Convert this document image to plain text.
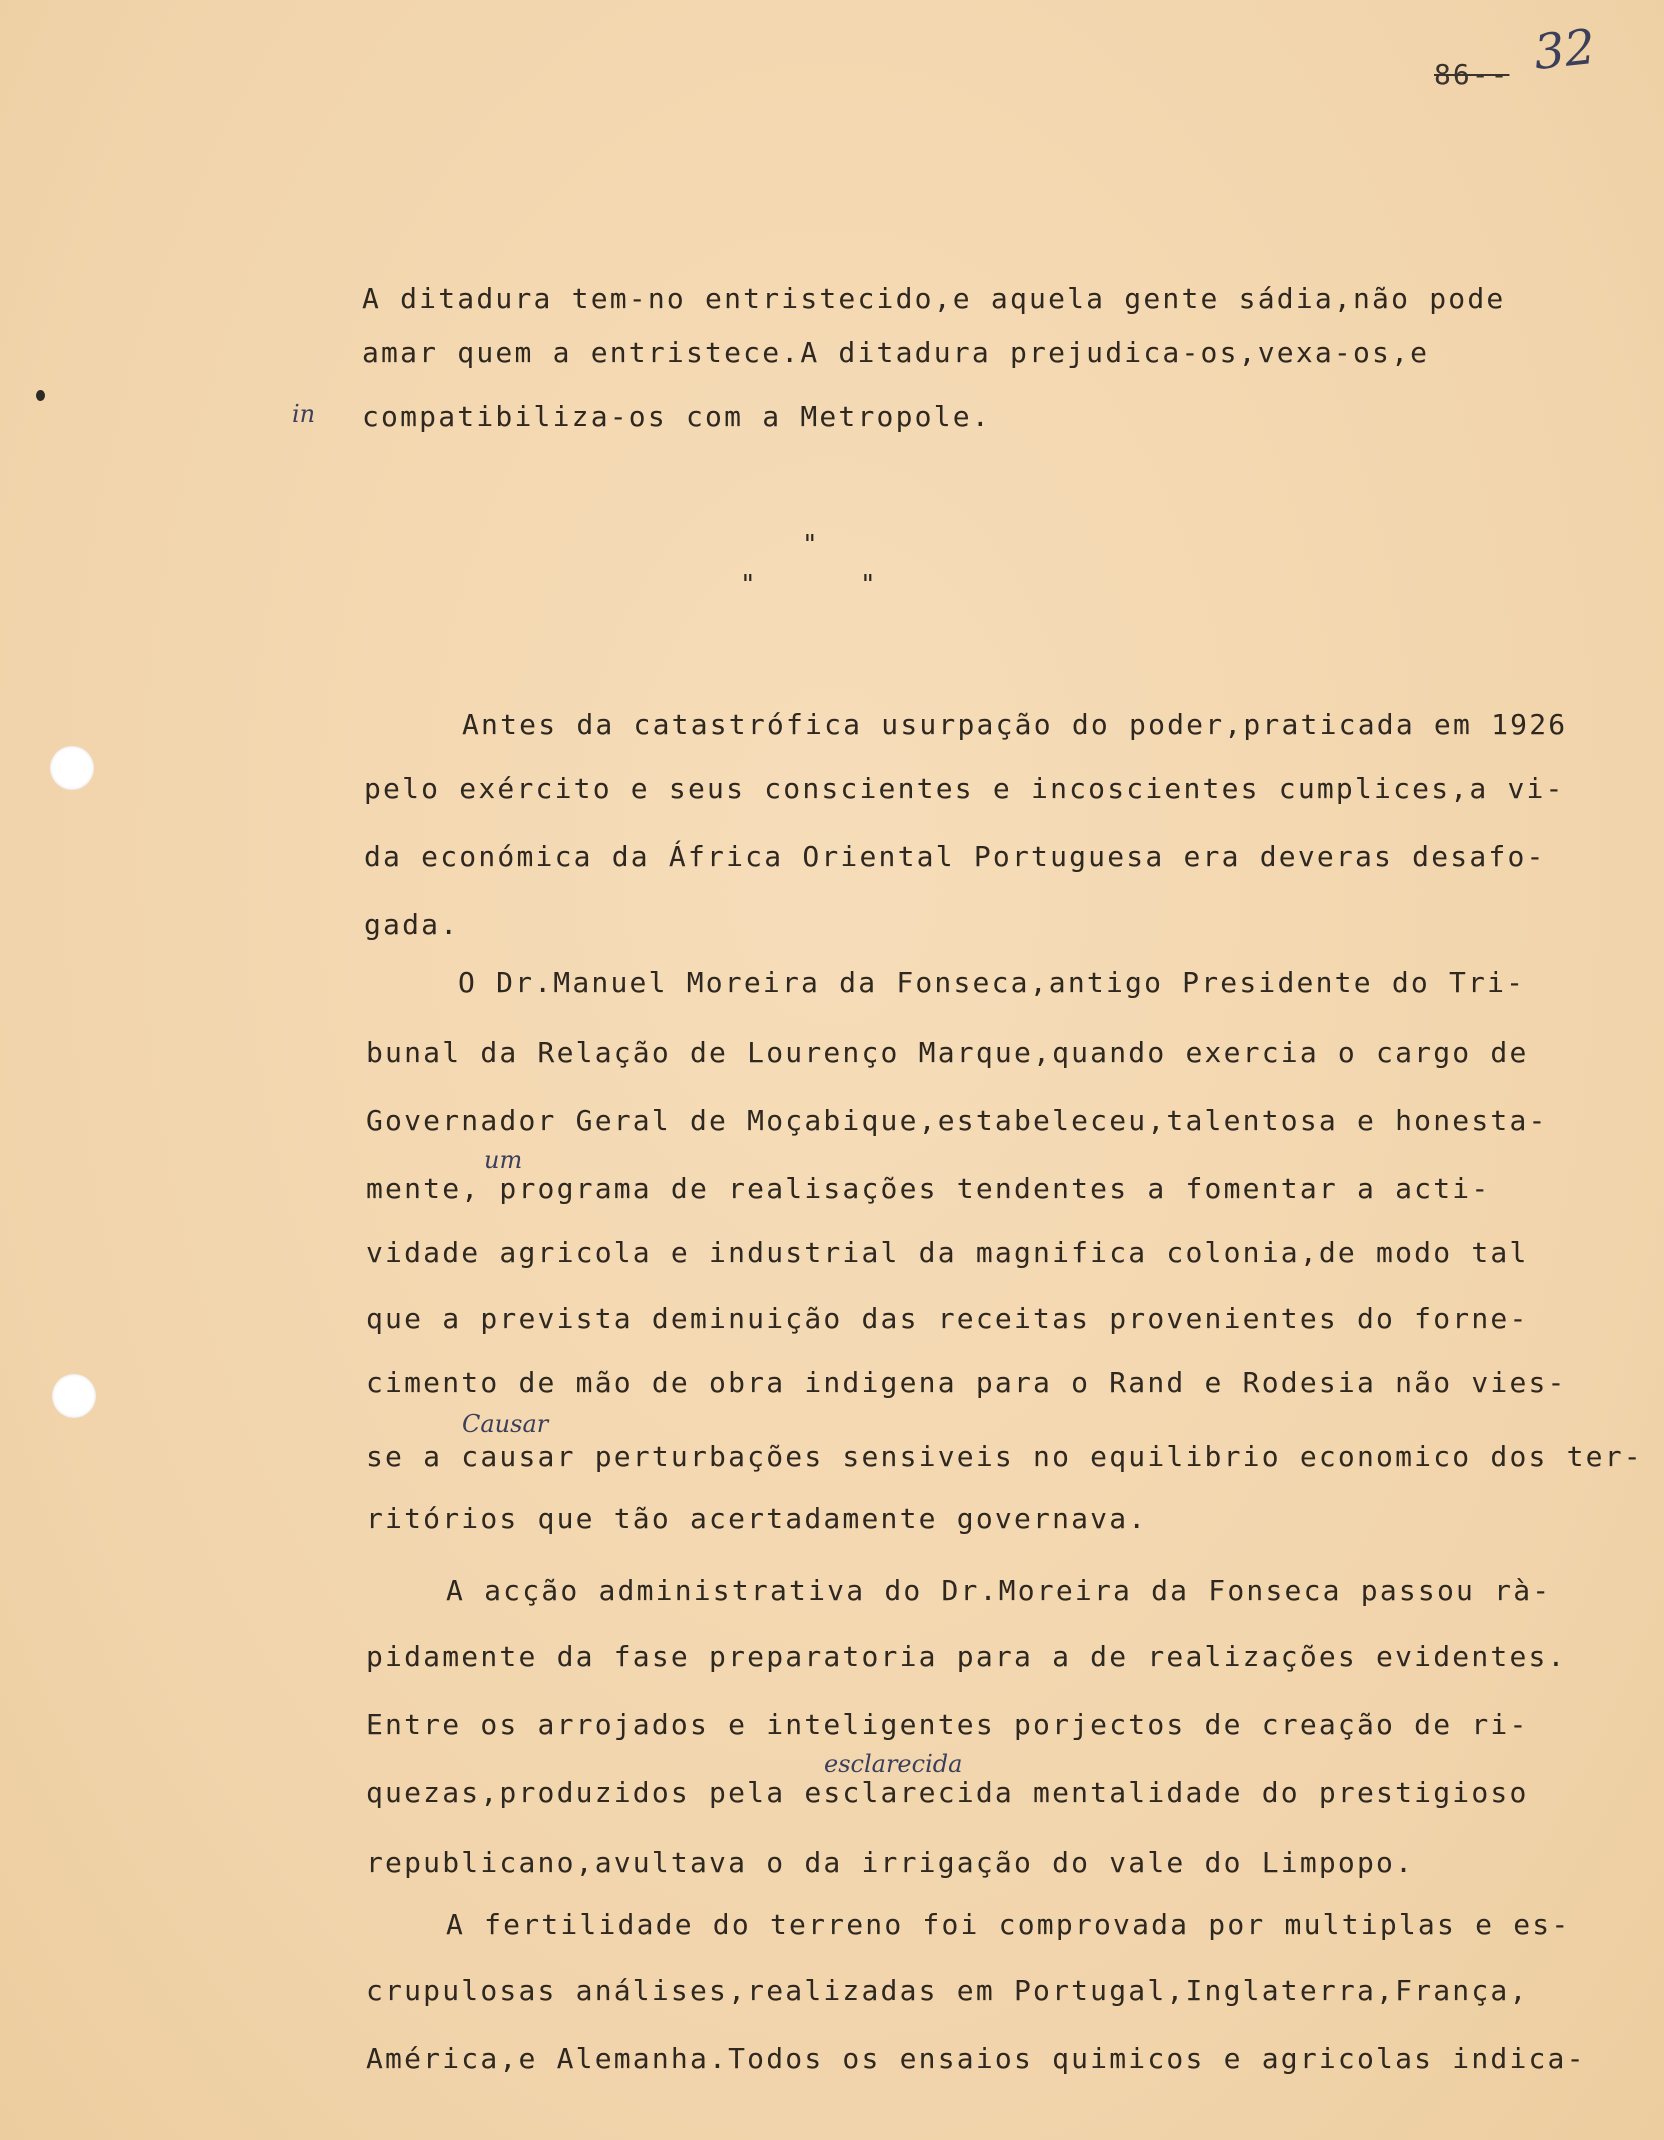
86-- 32
A ditadura tem-no entristecido,e aquela gente sádia,não pode
amar quem a entristece.A ditadura prejudica-os,vexa-os,e
in compatibiliza-os com a Metropole.
"
"	"
Antes da catastrófica usurpação do poder,praticada em 1926
pelo exército e seus conscientes e incoscientes cumplices,a vi-
da económica da África Oriental Portuguesa era deveras desafo-
gada.
O Dr.Manuel Moreira da Fonseca,antigo Presidente do Tri-
bunal da Relação de Lourenço Marque,quando exercia o cargo de
Governador Geral de Moçabique,estabeleceu,talentosa e honesta-
um
mente, programa de realisações tendentes a fomentar a acti-
vidade agricola e industrial da magnifica colonia,de modo tal
que a prevista deminuição das receitas provenientes do forne-
cimento de mão de obra indigena para o Rand e Rodesia não vies-
Causar
se a causar perturbações sensiveis no equilibrio economico dos ter-
ritórios que tão acertadamente governava.
A acção administrativa do Dr.Moreira da Fonseca passou rà-
pidamente da fase preparatoria para a de realizações evidentes.
Entre os arrojados e inteligentes porjectos de creação de ri-
esclarecida
quezas,produzidos pela esclarecida mentalidade do prestigioso
republicano,avultava o da irrigação do vale do Limpopo.
A fertilidade do terreno foi comprovada por multiplas e es-
crupulosas análises,realizadas em Portugal,Inglaterra,França,
América,e Alemanha.Todos os ensaios quimicos e agricolas indica-
